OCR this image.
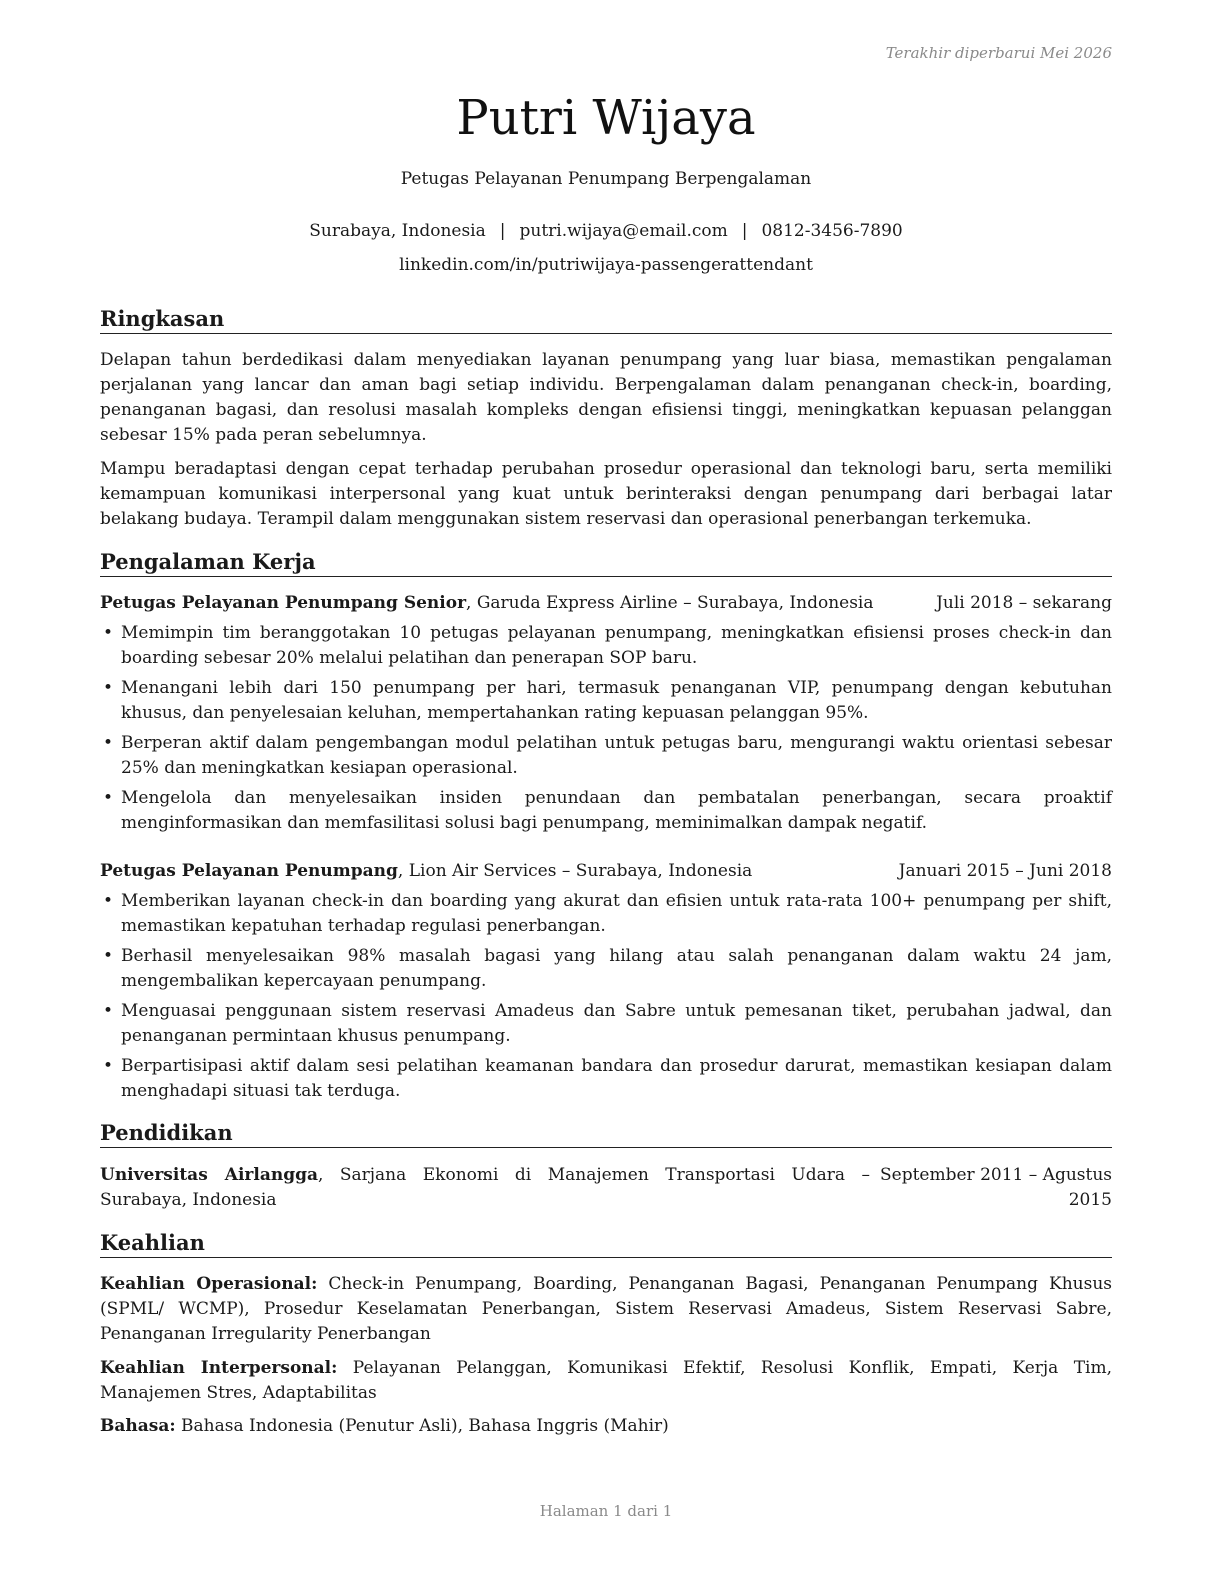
Terakhir diperbarui Mei 2026
Putri Wijaya
Petugas Pelayanan Penumpang Berpengalaman
Surabaya, Indonesia | putri.wijaya@email.com | 0812-3456-7890
linkedin.com/in/putriwijaya-passengerattendant
Ringkasan

Delapan tahun berdedikasi dalam menyediakan layanan penumpang yang luar biasa, memastikan pengalaman perjalanan yang lancar dan aman bagi setiap individu. Berpengalaman dalam penanganan check-in, boarding, penanganan bagasi, dan resolusi masalah kompleks dengan efisiensi tinggi, meningkatkan kepuasan pelanggan sebesar 15% pada peran sebelumnya.

Mampu beradaptasi dengan cepat terhadap perubahan prosedur operasional dan teknologi baru, serta memiliki kemampuan komunikasi interpersonal yang kuat untuk berinteraksi dengan penumpang dari berbagai latar belakang budaya. Terampil dalam menggunakan sistem reservasi dan operasional penerbangan terkemuka.

Pengalaman Kerja
Petugas Pelayanan Penumpang Senior, Garuda Express Airline – Surabaya, Indonesia	Juli 2018 – sekarang
• Memimpin tim beranggotakan 10 petugas pelayanan penumpang, meningkatkan efisiensi proses check-in dan boarding sebesar 20% melalui pelatihan dan penerapan SOP baru.
• Menangani lebih dari 150 penumpang per hari, termasuk penanganan VIP, penumpang dengan kebutuhan khusus, dan penyelesaian keluhan, mempertahankan rating kepuasan pelanggan 95%.
• Berperan aktif dalam pengembangan modul pelatihan untuk petugas baru, mengurangi waktu orientasi sebesar 25% dan meningkatkan kesiapan operasional.
• Mengelola dan menyelesaikan insiden penundaan dan pembatalan penerbangan, secara proaktif menginformasikan dan memfasilitasi solusi bagi penumpang, meminimalkan dampak negatif.
Petugas Pelayanan Penumpang, Lion Air Services – Surabaya, Indonesia	Januari 2015 – Juni 2018
• Memberikan layanan check-in dan boarding yang akurat dan efisien untuk rata-rata 100+ penumpang per shift, memastikan kepatuhan terhadap regulasi penerbangan.
• Berhasil menyelesaikan 98% masalah bagasi yang hilang atau salah penanganan dalam waktu 24 jam, mengembalikan kepercayaan penumpang.
• Menguasai penggunaan sistem reservasi Amadeus dan Sabre untuk pemesanan tiket, perubahan jadwal, dan penanganan permintaan khusus penumpang.
• Berpartisipasi aktif dalam sesi pelatihan keamanan bandara dan prosedur darurat, memastikan kesiapan dalam menghadapi situasi tak terduga.
Pendidikan
Universitas Airlangga, Sarjana Ekonomi di Manajemen Transportasi Udara – Surabaya, Indonesia
September 2011 – Agustus 2015
Keahlian

Keahlian Operasional: Check-in Penumpang, Boarding, Penanganan Bagasi, Penanganan Penumpang Khusus (SPML/ WCMP), Prosedur Keselamatan Penerbangan, Sistem Reservasi Amadeus, Sistem Reservasi Sabre, Penanganan Irregularity Penerbangan

Keahlian Interpersonal: Pelayanan Pelanggan, Komunikasi Efektif, Resolusi Konflik, Empati, Kerja Tim, Manajemen Stres, Adaptabilitas

Bahasa: Bahasa Indonesia (Penutur Asli), Bahasa Inggris (Mahir)

Halaman 1 dari 1
